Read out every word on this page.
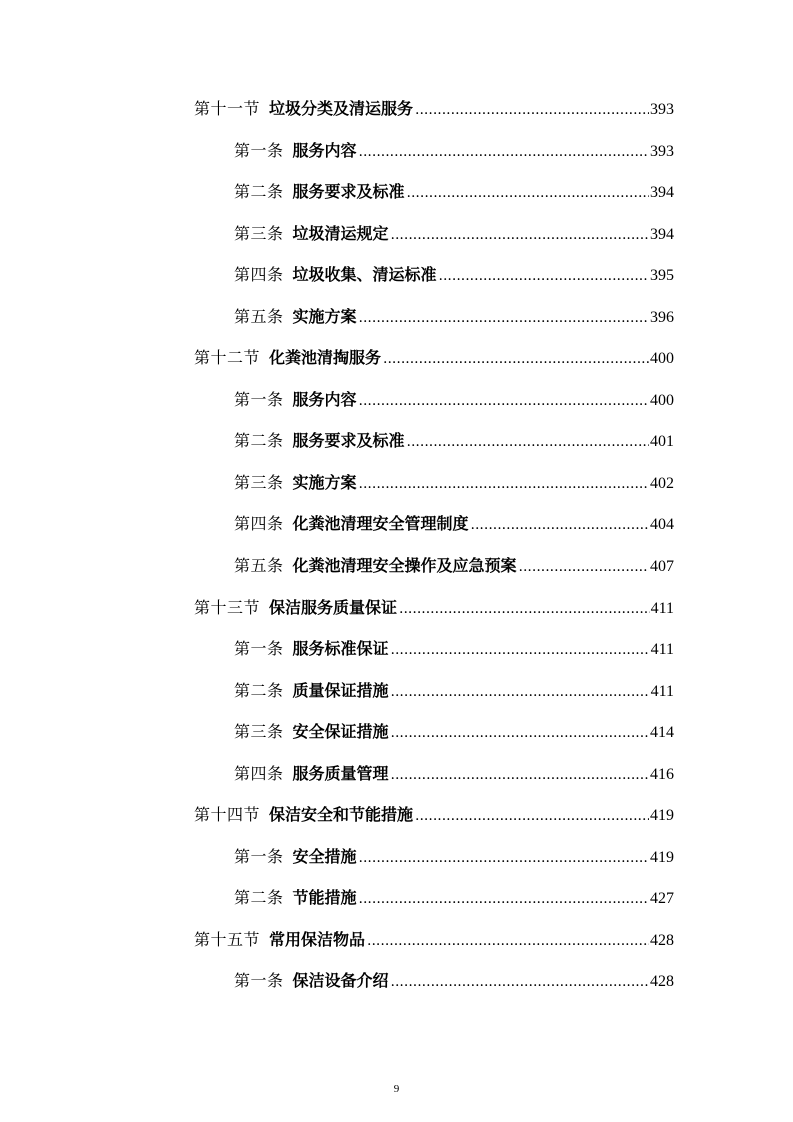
第十一节 垃圾分类及清运服务 .....	393
第一条 服务内容 .....	393
第二条 服务要求及标准 .....	394
第三条 垃圾清运规定 .....	394
第四条 垃圾收集、清运标准 .....	395
第五条 实施方案 .....	396
第十二节 化粪池清掏服务 .....	400
第一条 服务内容 .....	400
第二条 服务要求及标准 .....	401
第三条 实施方案 .....	402
第四条 化粪池清理安全管理制度 .....	404
第五条 化粪池清理安全操作及应急预案 .....	407
第十三节 保洁服务质量保证 .....	411
第一条 服务标准保证 .....	411
第二条 质量保证措施 .....	411
第三条 安全保证措施 .....	414
第四条 服务质量管理 .....	416
第十四节 保洁安全和节能措施 .....	419
第一条 安全措施 .....	419
第二条 节能措施 .....	427
第十五节 常用保洁物品 .....	428
第一条 保洁设备介绍 .....	428
9
